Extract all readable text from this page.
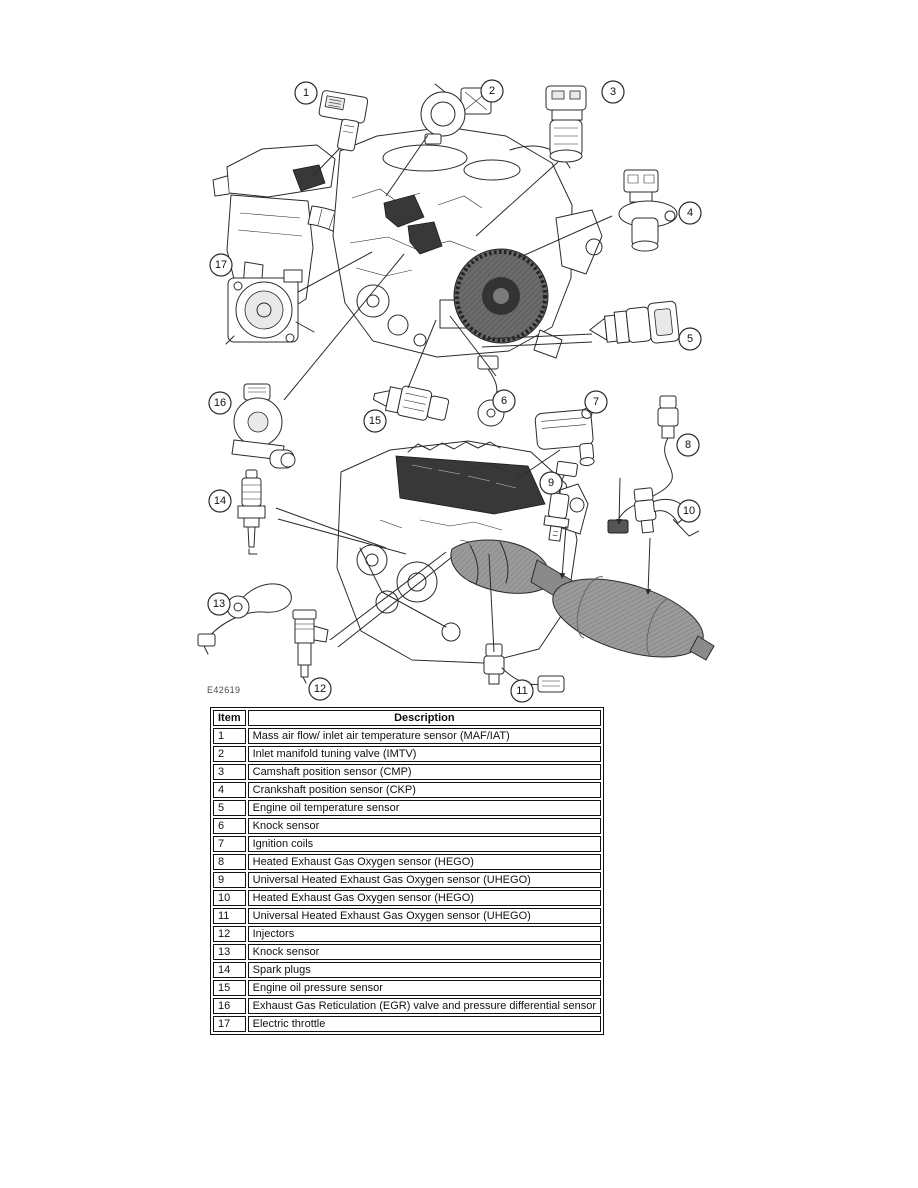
1	2	3
4
17
5
16
15
6	7
8
14
9
10
13
12	11
E42619
Item	Description
1	Mass air flow/ inlet air temperature sensor (MAF/IAT)
2	Inlet manifold tuning valve (IMTV)
3	Camshaft position sensor (CMP)
4	Crankshaft position sensor (CKP)
5	Engine oil temperature sensor
6	Knock sensor
7	Ignition coils
8	Heated Exhaust Gas Oxygen sensor (HEGO)
9	Universal Heated Exhaust Gas Oxygen sensor (UHEGO)
10	Heated Exhaust Gas Oxygen sensor (HEGO)
11	Universal Heated Exhaust Gas Oxygen sensor (UHEGO)
12	Injectors
13	Knock sensor
14	Spark plugs
15	Engine oil pressure sensor
16	Exhaust Gas Reticulation (EGR) valve and pressure differential sensor
17	Electric throttle
